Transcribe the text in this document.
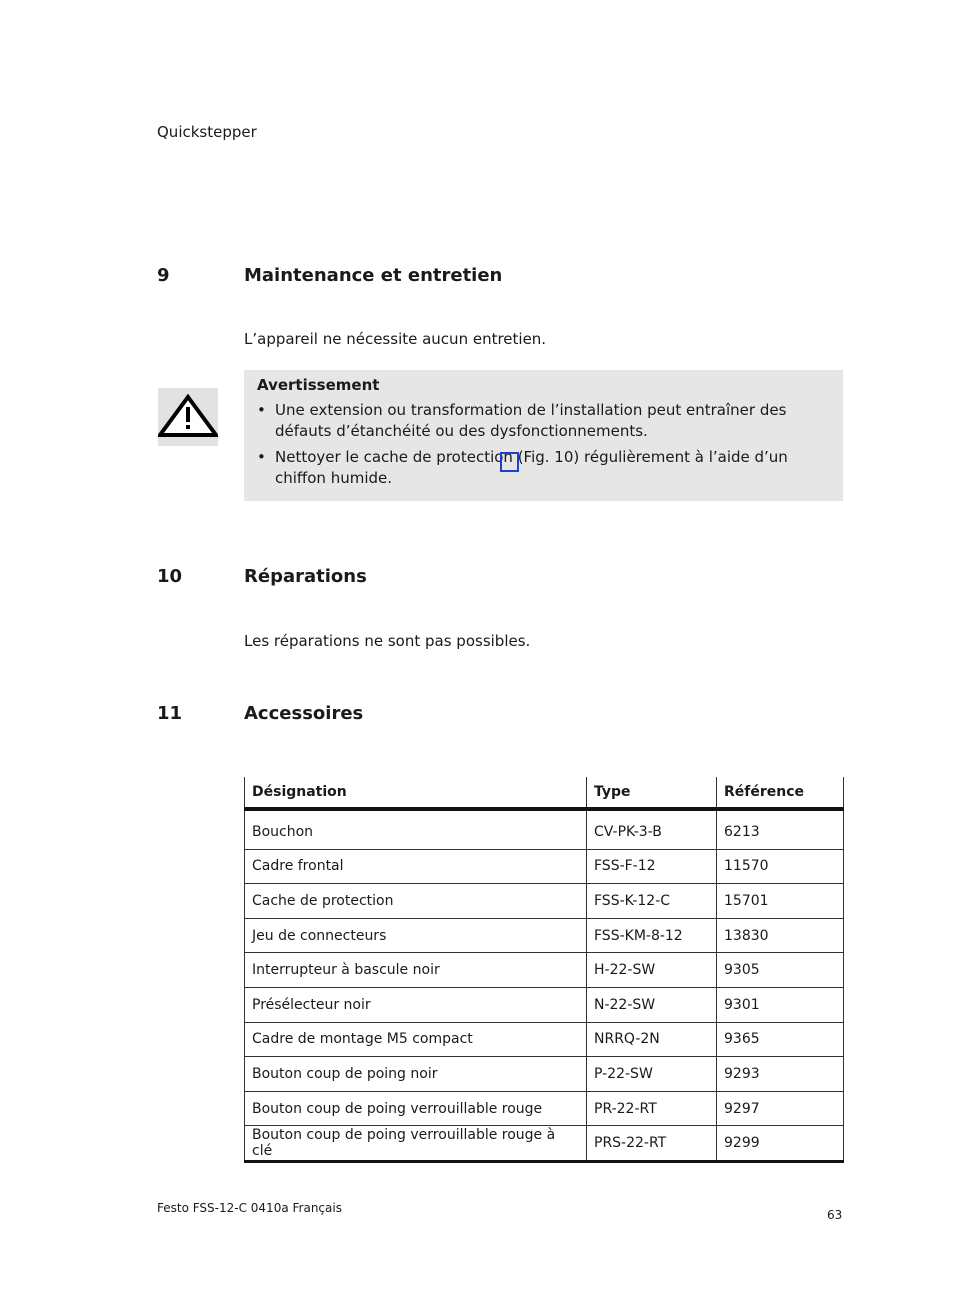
Quickstepper
9	Maintenance et entretien
L’appareil ne nécessite aucun entretien.
Avertissement
• Une extension ou transformation de l’installation peut entraîner des défauts d’étanchéité ou des dysfonctionnements.
• Nettoyer le cache de protection (Fig. 10) régulièrement à l’aide d’un chiffon humide.
10	Réparations
Les réparations ne sont pas possibles.
11	Accessoires
Désignation	Type	Référence
Bouchon	CV-PK-3-B	6213
Cadre frontal	FSS-F-12	11570
Cache de protection	FSS-K-12-C	15701
Jeu de connecteurs	FSS-KM-8-12	13830
Interrupteur à bascule noir	H-22-SW	9305
Présélecteur noir	N-22-SW	9301
Cadre de montage M5 compact	NRRQ-2N	9365
Bouton coup de poing noir	P-22-SW	9293
Bouton coup de poing verrouillable rouge	PR-22-RT	9297
Bouton coup de poing verrouillable rouge à clé	PRS-22-RT	9299
Festo FSS-12-C 0410a Français	63
